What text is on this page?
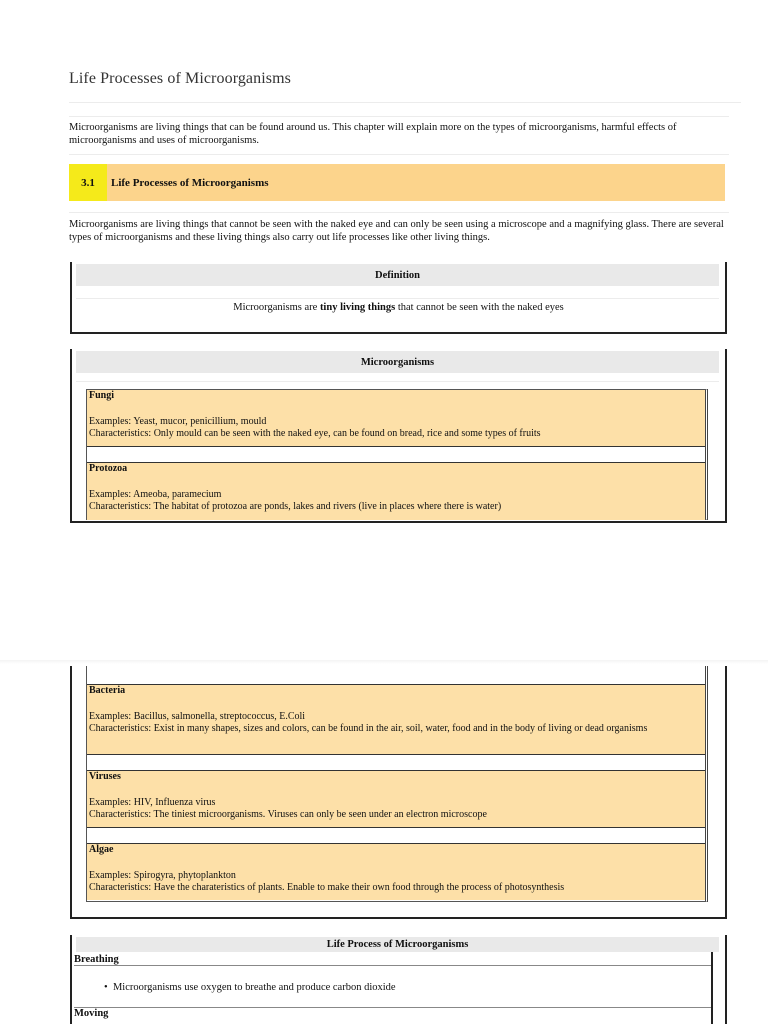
Life Processes of Microorganisms
Microorganisms are living things that can be found around us. This chapter will explain more on the types of microorganisms, harmful effects of microorganisms and uses of microorganisms.
3.1	Life Processes of Microorganisms
Microorganisms are living things that cannot be seen with the naked eye and can only be seen using a microscope and a magnifying glass. There are several types of microorganisms and these living things also carry out life processes like other living things.
Definition
Microorganisms are tiny living things that cannot be seen with the naked eyes
Microorganisms
Fungi
Examples: Yeast, mucor, penicillium, mould
Characteristics: Only mould can be seen with the naked eye, can be found on bread, rice and some types of fruits
Protozoa
Examples: Ameoba, paramecium
Characteristics: The habitat of protozoa are ponds, lakes and rivers (live in places where there is water)
Bacteria
Examples: Bacillus, salmonella, streptococcus, E.Coli
Characteristics: Exist in many shapes, sizes and colors, can be found in the air, soil, water, food and in the body of living or dead organisms
Viruses
Examples: HIV, Influenza virus
Characteristics: The tiniest microorganisms. Viruses can only be seen under an electron microscope
Algae
Examples: Spirogyra, phytoplankton
Characteristics: Have the charateristics of plants. Enable to make their own food through the process of photosynthesis
Life Process of Microorganisms
Breathing
• Microorganisms use oxygen to breathe and produce carbon dioxide
Moving
